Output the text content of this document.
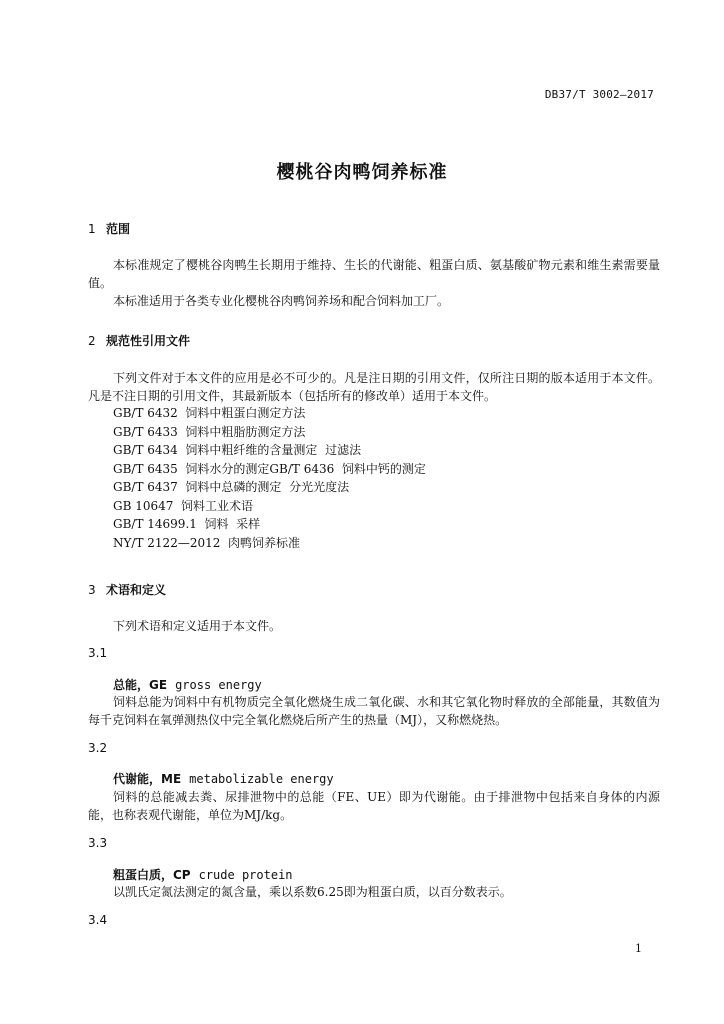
DB37/T 3002—2017
樱桃谷肉鸭饲养标准
1 范围
本标准规定了樱桃谷肉鸭生长期用于维持、生长的代谢能、粗蛋白质、氨基酸矿物元素和维生素需要量值。
本标准适用于各类专业化樱桃谷肉鸭饲养场和配合饲料加工厂。
2 规范性引用文件
下列文件对于本文件的应用是必不可少的。凡是注日期的引用文件，仅所注日期的版本适用于本文件。凡是不注日期的引用文件，其最新版本（包括所有的修改单）适用于本文件。
GB/T 6432  饲料中粗蛋白测定方法
GB/T 6433  饲料中粗脂肪测定方法
GB/T 6434  饲料中粗纤维的含量测定  过滤法
GB/T 6435  饲料水分的测定GB/T 6436  饲料中钙的测定
GB/T 6437  饲料中总磷的测定  分光光度法
GB 10647  饲料工业术语
GB/T 14699.1  饲料  采样
NY/T 2122—2012  肉鸭饲养标准
3 术语和定义
下列术语和定义适用于本文件。
3.1
总能，GE gross energy
饲料总能为饲料中有机物质完全氧化燃烧生成二氧化碳、水和其它氧化物时释放的全部能量，其数值为每千克饲料在氧弹测热仪中完全氧化燃烧后所产生的热量（MJ），又称燃烧热。
3.2
代谢能，ME metabolizable energy
饲料的总能减去粪、尿排泄物中的总能（FE、UE）即为代谢能。由于排泄物中包括来自身体的内源能，也称表观代谢能，单位为MJ/kg。
3.3
粗蛋白质，CP crude protein
以凯氏定氮法测定的氮含量，乘以系数6.25即为粗蛋白质，以百分数表示。
3.4
1
